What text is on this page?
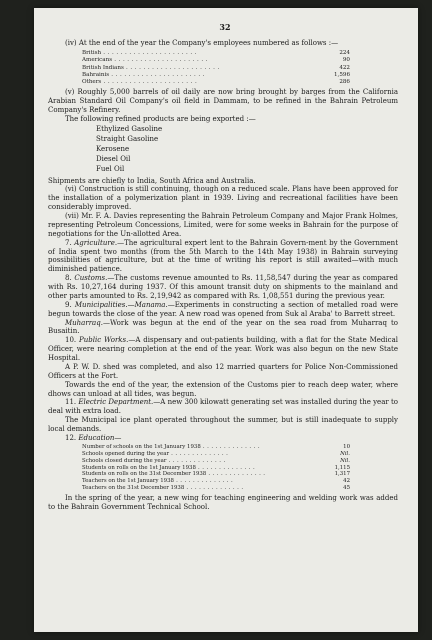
32

(iv) At the end of the year the Company's employees numbered as follows :—

British . .	224
Americans . .	90
British Indians . .	422
Bahrainis . .	1,596
Others . .	286

(v) Roughly 5,000 barrels of oil daily are now bring brought by barges from the California Arabian Standard Oil Company's oil field in Dammam, to be refined in the Bahrain Petroleum Company's Refinery.

The following refined products are being exported :—

Ethylized Gasoline
Straight Gasoline
Kerosene
Diesel Oil
Fuel Oil

Shipments are chiefly to India, South Africa and Australia.

(vi) Construction is still continuing, though on a reduced scale. Plans have been approved for the installation of a polymerization plant in 1939. Living and recreational facilities have been considerably improved.

(vii) Mr. F. A. Davies representing the Bahrain Petroleum Company and Major Frank Holmes, representing Petroleum Concessions, Limited, were for some weeks in Bahrain for the purpose of negotiations for the Un-allotted Area.

7. Agriculture.—The agricultural expert lent to the Bahrain Govern-ment by the Government of India spent two months (from the 5th March to the 14th May 1938) in Bahrain surveying possibilities of agriculture, but at the time of writing his report is still awaited—with much diminished patience.

8. Customs.—The customs revenue amounted to Rs. 11,58,547 during the year as compared with Rs. 10,27,164 during 1937. Of this amount transit duty on shipments to the mainland and other parts amounted to Rs. 2,19,942 as compared with Rs. 1,08,551 during the previous year.

9. Municipalities.—Manama.—Experiments in constructing a section of metalled road were begun towards the close of the year. A new road was opened from Suk al Araba' to Barrett street.

Muharraq.—Work was begun at the end of the year on the sea road from Muharraq to Busaitin.

10. Public Works.—A dispensary and out-patients building, with a flat for the State Medical Officer, were nearing completion at the end of the year. Work was also begun on the new State Hospital.

A P. W. D. shed was completed, and also 12 married quarters for Police Non-Commissioned Officers at the Fort.

Towards the end of the year, the extension of the Customs pier to reach deep water, where dhows can unload at all tides, was begun.

11. Electric Department.—A new 300 kilowatt generating set was installed during the year to deal with extra load.

The Municipal ice plant operated throughout the summer, but is still inadequate to supply local demands.

12. Education—

Number of schools on the 1st January 1938 . .	10
Schools opened during the year . .	Nil.
Schools closed during the year . .	Nil.
Students on rolls on the 1st January 1938 . .	1,115
Students on rolls on the 31st December 1938 . .	1,317
Teachers on the 1st January 1938 . .	42
Teachers on the 31st December 1938 . .	45

In the spring of the year, a new wing for teaching engineering and welding work was added to the Bahrain Government Technical School.
